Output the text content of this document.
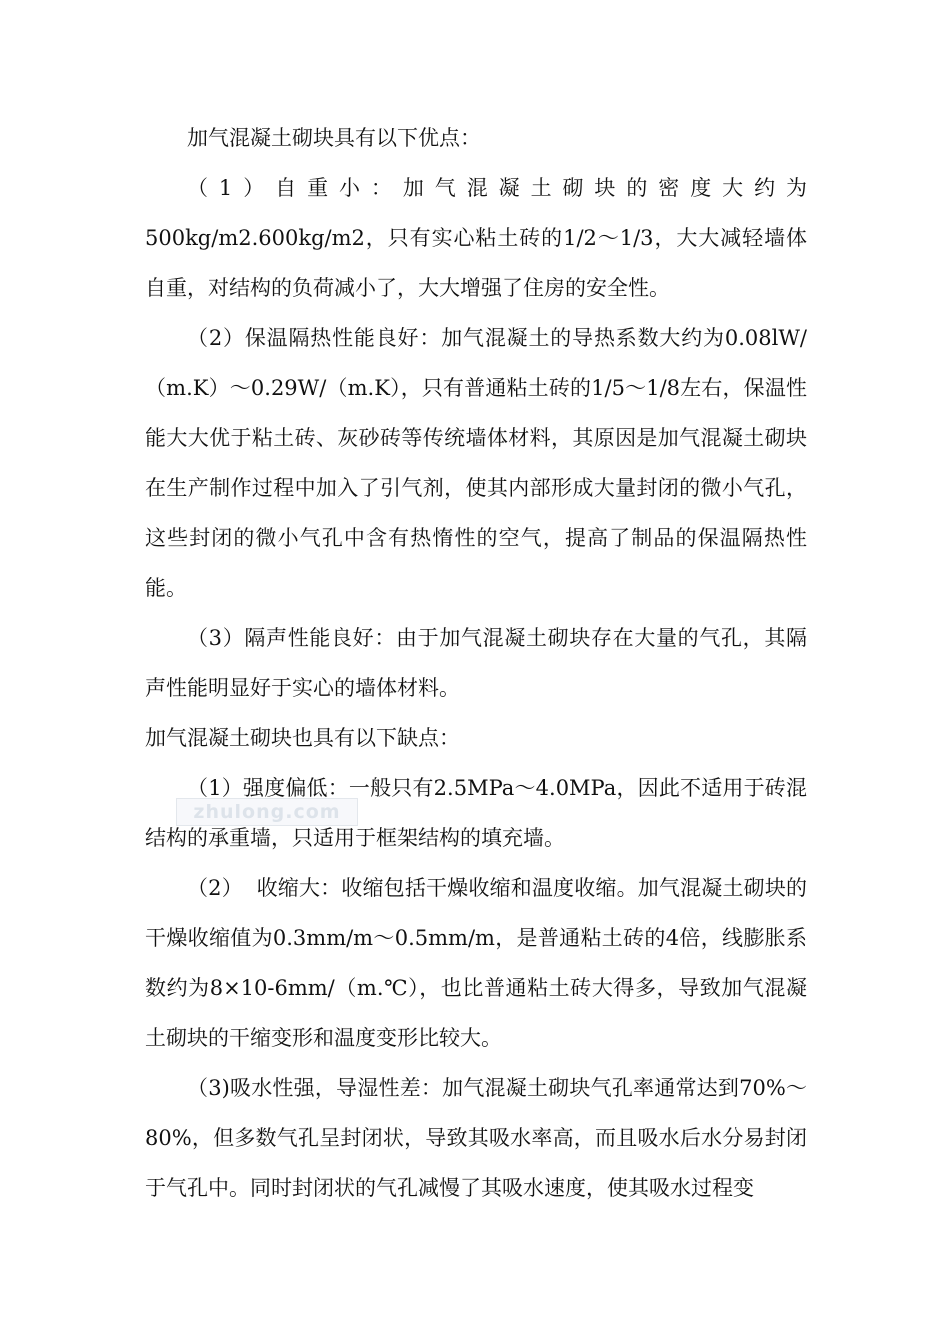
zhulong.com

加气混凝土砌块具有以下优点：

（1）自重小：加气混凝土砌块的密度大约为500kg/m2.600kg/m2，只有实心粘土砖的1/2～1/3，大大减轻墙体自重，对结构的负荷减小了，大大增强了住房的安全性。

（2）保温隔热性能良好：加气混凝土的导热系数大约为0.08lW/（m.K）～0.29W/（m.K），只有普通粘土砖的1/5～1/8左右，保温性能大大优于粘土砖、灰砂砖等传统墙体材料，其原因是加气混凝土砌块在生产制作过程中加入了引气剂，使其内部形成大量封闭的微小气孔，这些封闭的微小气孔中含有热惰性的空气，提高了制品的保温隔热性能。

（3）隔声性能良好：由于加气混凝土砌块存在大量的气孔，其隔声性能明显好于实心的墙体材料。

加气混凝土砌块也具有以下缺点：

（1）强度偏低：一般只有2.5MPa～4.0MPa，因此不适用于砖混结构的承重墙，只适用于框架结构的填充墙。

（2）  收缩大：收缩包括干燥收缩和温度收缩。加气混凝土砌块的干燥收缩值为0.3mm/m～0.5mm/m，是普通粘土砖的4倍，线膨胀系数约为8×10-6mm/（m.℃），也比普通粘土砖大得多，导致加气混凝土砌块的干缩变形和温度变形比较大。

（3)吸水性强，导湿性差：加气混凝土砌块气孔率通常达到70%～80%，但多数气孔呈封闭状，导致其吸水率高，而且吸水后水分易封闭于气孔中。同时封闭状的气孔减慢了其吸水速度，使其吸水过程变
